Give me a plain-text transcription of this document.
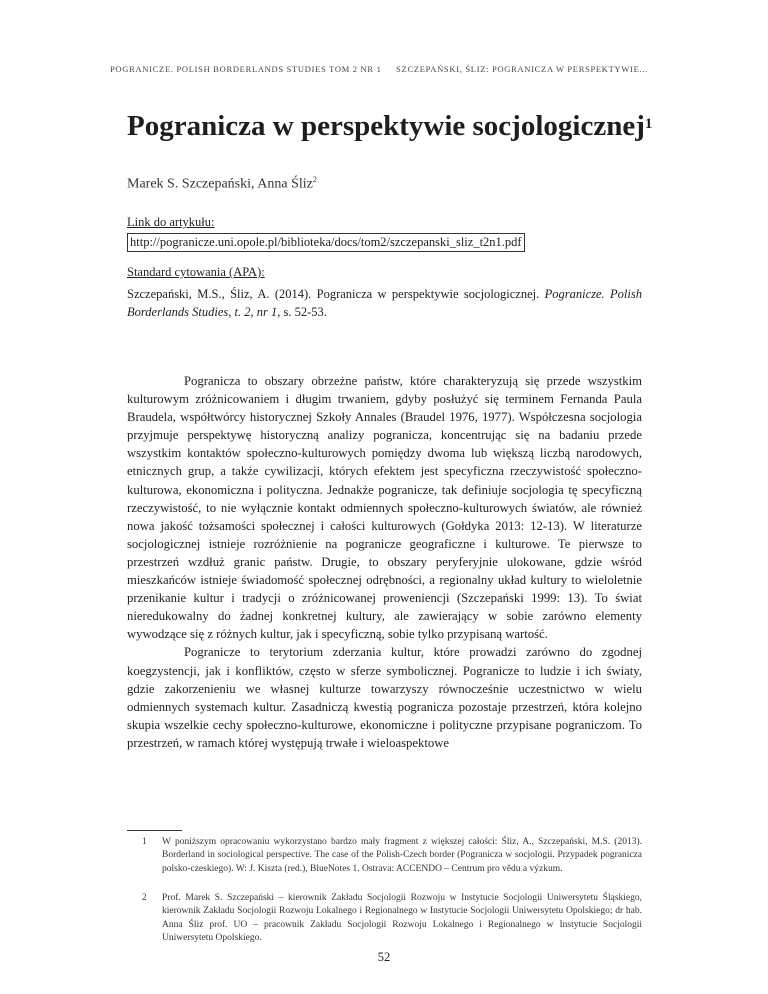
POGRANICZE. POLISH BORDERLANDS STUDIES TOM 2 NR 1 SZCZEPAŃSKI, ŚLIZ: POGRANICZA W PERSPEKTYWIE...
Pogranicza w perspektywie socjologicznej$^1$
Marek S. Szczepański, Anna Śliz$^2$
Link do artykułu:
http://pogranicze.uni.opole.pl/biblioteka/docs/tom2/szczepanski_sliz_t2n1.pdf
Standard cytowania (APA):
Szczepański, M.S., Śliz, A. (2014). Pogranicza w perspektywie socjologicznej. Pogranicze. Polish Borderlands Studies, t. 2, nr 1, s. 52-53.

Pogranicza to obszary obrzeżne państw, które charakteryzują się przede wszystkim kulturowym zróżnicowaniem i długim trwaniem, gdyby posłużyć się terminem Fernanda Paula Braudela, współtwórcy historycznej Szkoły Annales (Braudel 1976, 1977). Współczesna socjologia przyjmuje perspektywę historyczną analizy pogranicza, koncentrując się na badaniu przede wszystkim kontaktów społeczno-kulturowych pomiędzy dwoma lub większą liczbą narodowych, etnicznych grup, a także cywilizacji, których efektem jest specyficzna rzeczywistość społeczno-kulturowa, ekonomiczna i polityczna. Jednakże pogranicze, tak definiuje socjologia tę specyficzną rzeczywistość, to nie wyłącznie kontakt odmiennych społeczno-kulturowych światów, ale również nowa jakość tożsamości społecznej i całości kulturowych (Gołdyka 2013: 12-13). W literaturze socjologicznej istnieje rozróżnienie na pogranicze geograficzne i kulturowe. Te pierwsze to przestrzeń wzdłuż granic państw. Drugie, to obszary peryferyjnie ulokowane, gdzie wśród mieszkańców istnieje świadomość społecznej odrębności, a regionalny układ kultury to wieloletnie przenikanie kultur i tradycji o zróżnicowanej proweniencji (Szczepański 1999: 13). To świat nieredukowalny do żadnej konkretnej kultury, ale zawierający w sobie zarówno elementy wywodzące się z różnych kultur, jak i specyficzną, sobie tylko przypisaną wartość.

Pogranicze to terytorium zderzania kultur, które prowadzi zarówno do zgodnej koegzystencji, jak i konfliktów, często w sferze symbolicznej. Pogranicze to ludzie i ich światy, gdzie zakorzenieniu we własnej kulturze towarzyszy równocześnie uczestnictwo w wielu odmiennych systemach kultur. Zasadniczą kwestią pogranicza pozostaje przestrzeń, która kolejno skupia wszelkie cechy społeczno-kulturowe, ekonomiczne i polityczne przypisane pograniczom. To przestrzeń, w ramach której występują trwałe i wieloaspektowe

1 W poniższym opracowaniu wykorzystano bardzo mały fragment z większej całości: Śliz, A., Szczepański, M.S. (2013). Borderland in sociological perspective. The case of the Polish-Czech border (Pogranicza w socjologii. Przypadek pogranicza polsko-czeskiego). W: J. Kiszta (red.), BlueNotes 1. Ostrava: ACCENDO – Centrum pro vědu a výzkum.
2 Prof. Marek S. Szczepański – kierownik Zakładu Socjologii Rozwoju w Instytucie Socjologii Uniwersytetu Śląskiego, kierownik Zakładu Socjologii Rozwoju Lokalnego i Regionalnego w Instytucie Socjologii Uniwersytetu Opolskiego; dr hab. Anna Śliz prof. UO – pracownik Zakładu Socjologii Rozwoju Lokalnego i Regionalnego w Instytucie Socjologii Uniwersytetu Opolskiego.
52
